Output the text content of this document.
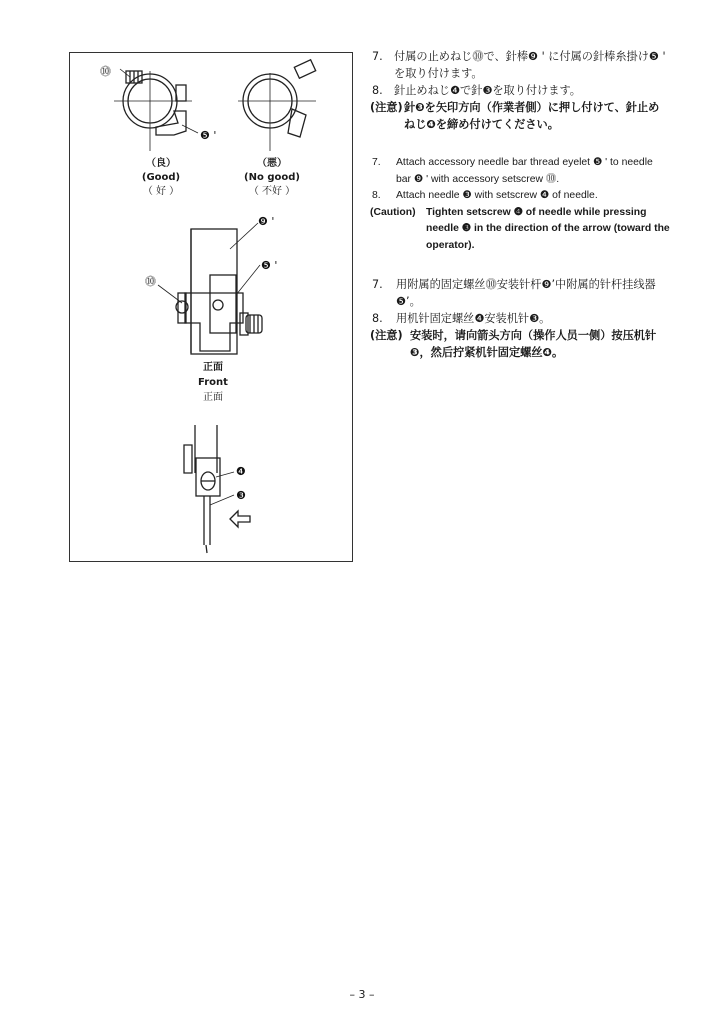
⓾
❺ '
❾ '
❺ '
⓾
❹
❸
（良）
(Good)
（ 好 ）
（悪）
(No good)
（ 不好 ）
正面
Front
正面
7. 付属の止めねじ⓾で、針棒❾ ' に付属の針棒糸掛け❺ ' を取り付けます。
8. 針止めねじ❹で針❸を取り付けます。
(注意) 針❸を矢印方向（作業者側）に押し付けて、針止めねじ❹を締め付けてください。
7. Attach accessory needle bar thread eyelet ❺ ' to needle bar ❾ ' with accessory setscrew ⓾.
8. Attach needle ❸ with setscrew ❹ of needle.
(Caution)	Tighten setscrew ❹ of needle while pressing needle ❸ in the direction of the arrow (toward the operator).
7. 用附属的固定螺丝⓾安装针杆❾’中附属的针杆挂线器❺’。
8. 用机针固定螺丝❹安装机针❸。
(注意) 安装时，请向箭头方向（操作人员一侧）按压机针❸，然后拧紧机针固定螺丝❹。
– 3 –
